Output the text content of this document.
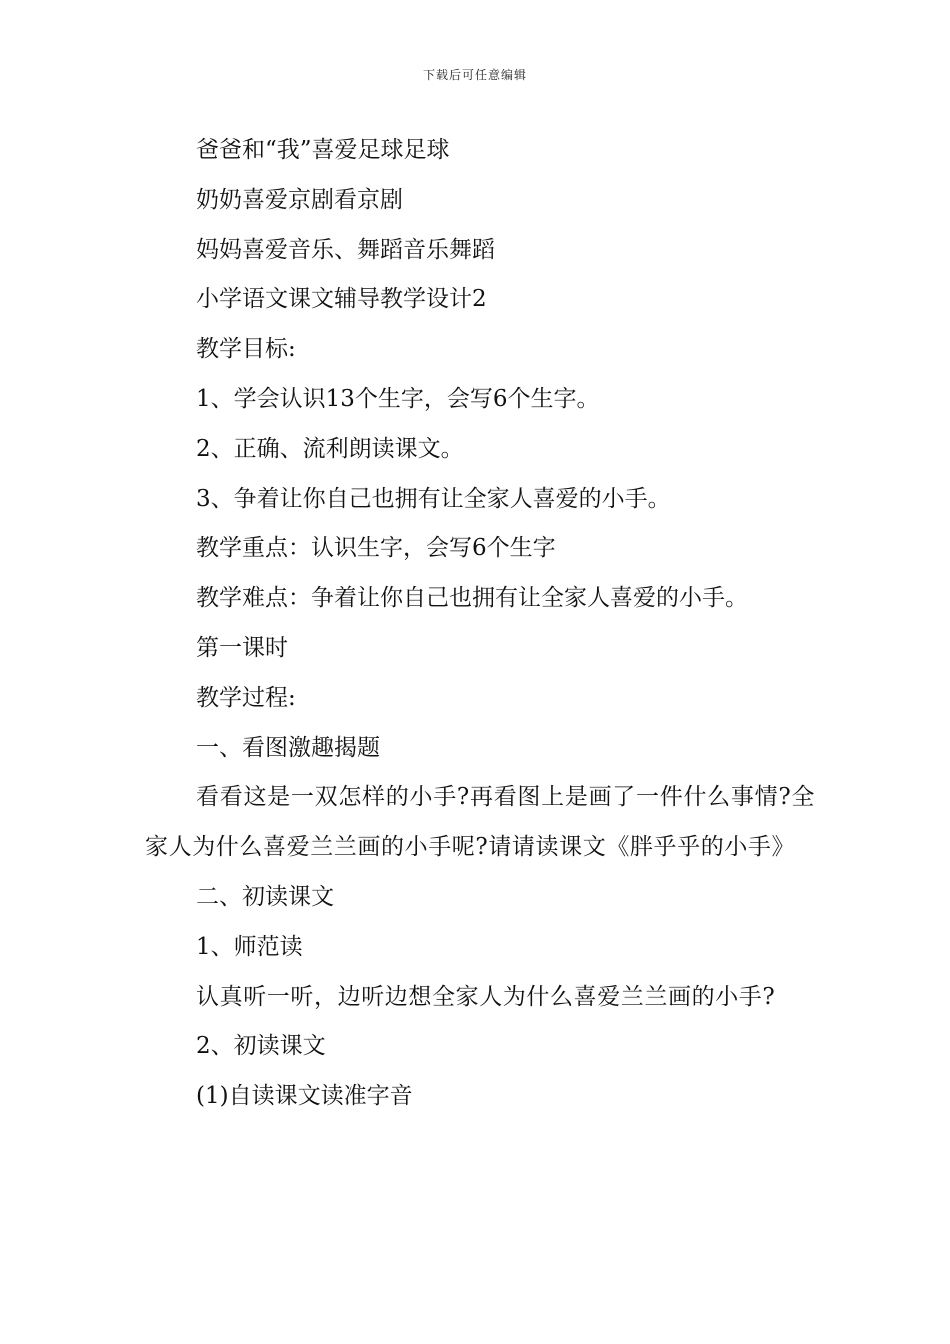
下载后可任意编辑

爸爸和“我”喜爱足球足球

奶奶喜爱京剧看京剧

妈妈喜爱音乐、舞蹈音乐舞蹈

小学语文课文辅导教学设计2

教学目标:

1、学会认识13个生字，会写6个生字。

2、正确、流利朗读课文。

3、争着让你自己也拥有让全家人喜爱的小手。

教学重点：认识生字，会写6个生字

教学难点：争着让你自己也拥有让全家人喜爱的小手。

第一课时

教学过程:

一、看图激趣揭题

看看这是一双怎样的小手?再看图上是画了一件什么事情?全家人为什么喜爱兰兰画的小手呢?请请读课文《胖乎乎的小手》

二、初读课文

1、师范读

认真听一听，边听边想全家人为什么喜爱兰兰画的小手?

2、初读课文

(1)自读课文读准字音
